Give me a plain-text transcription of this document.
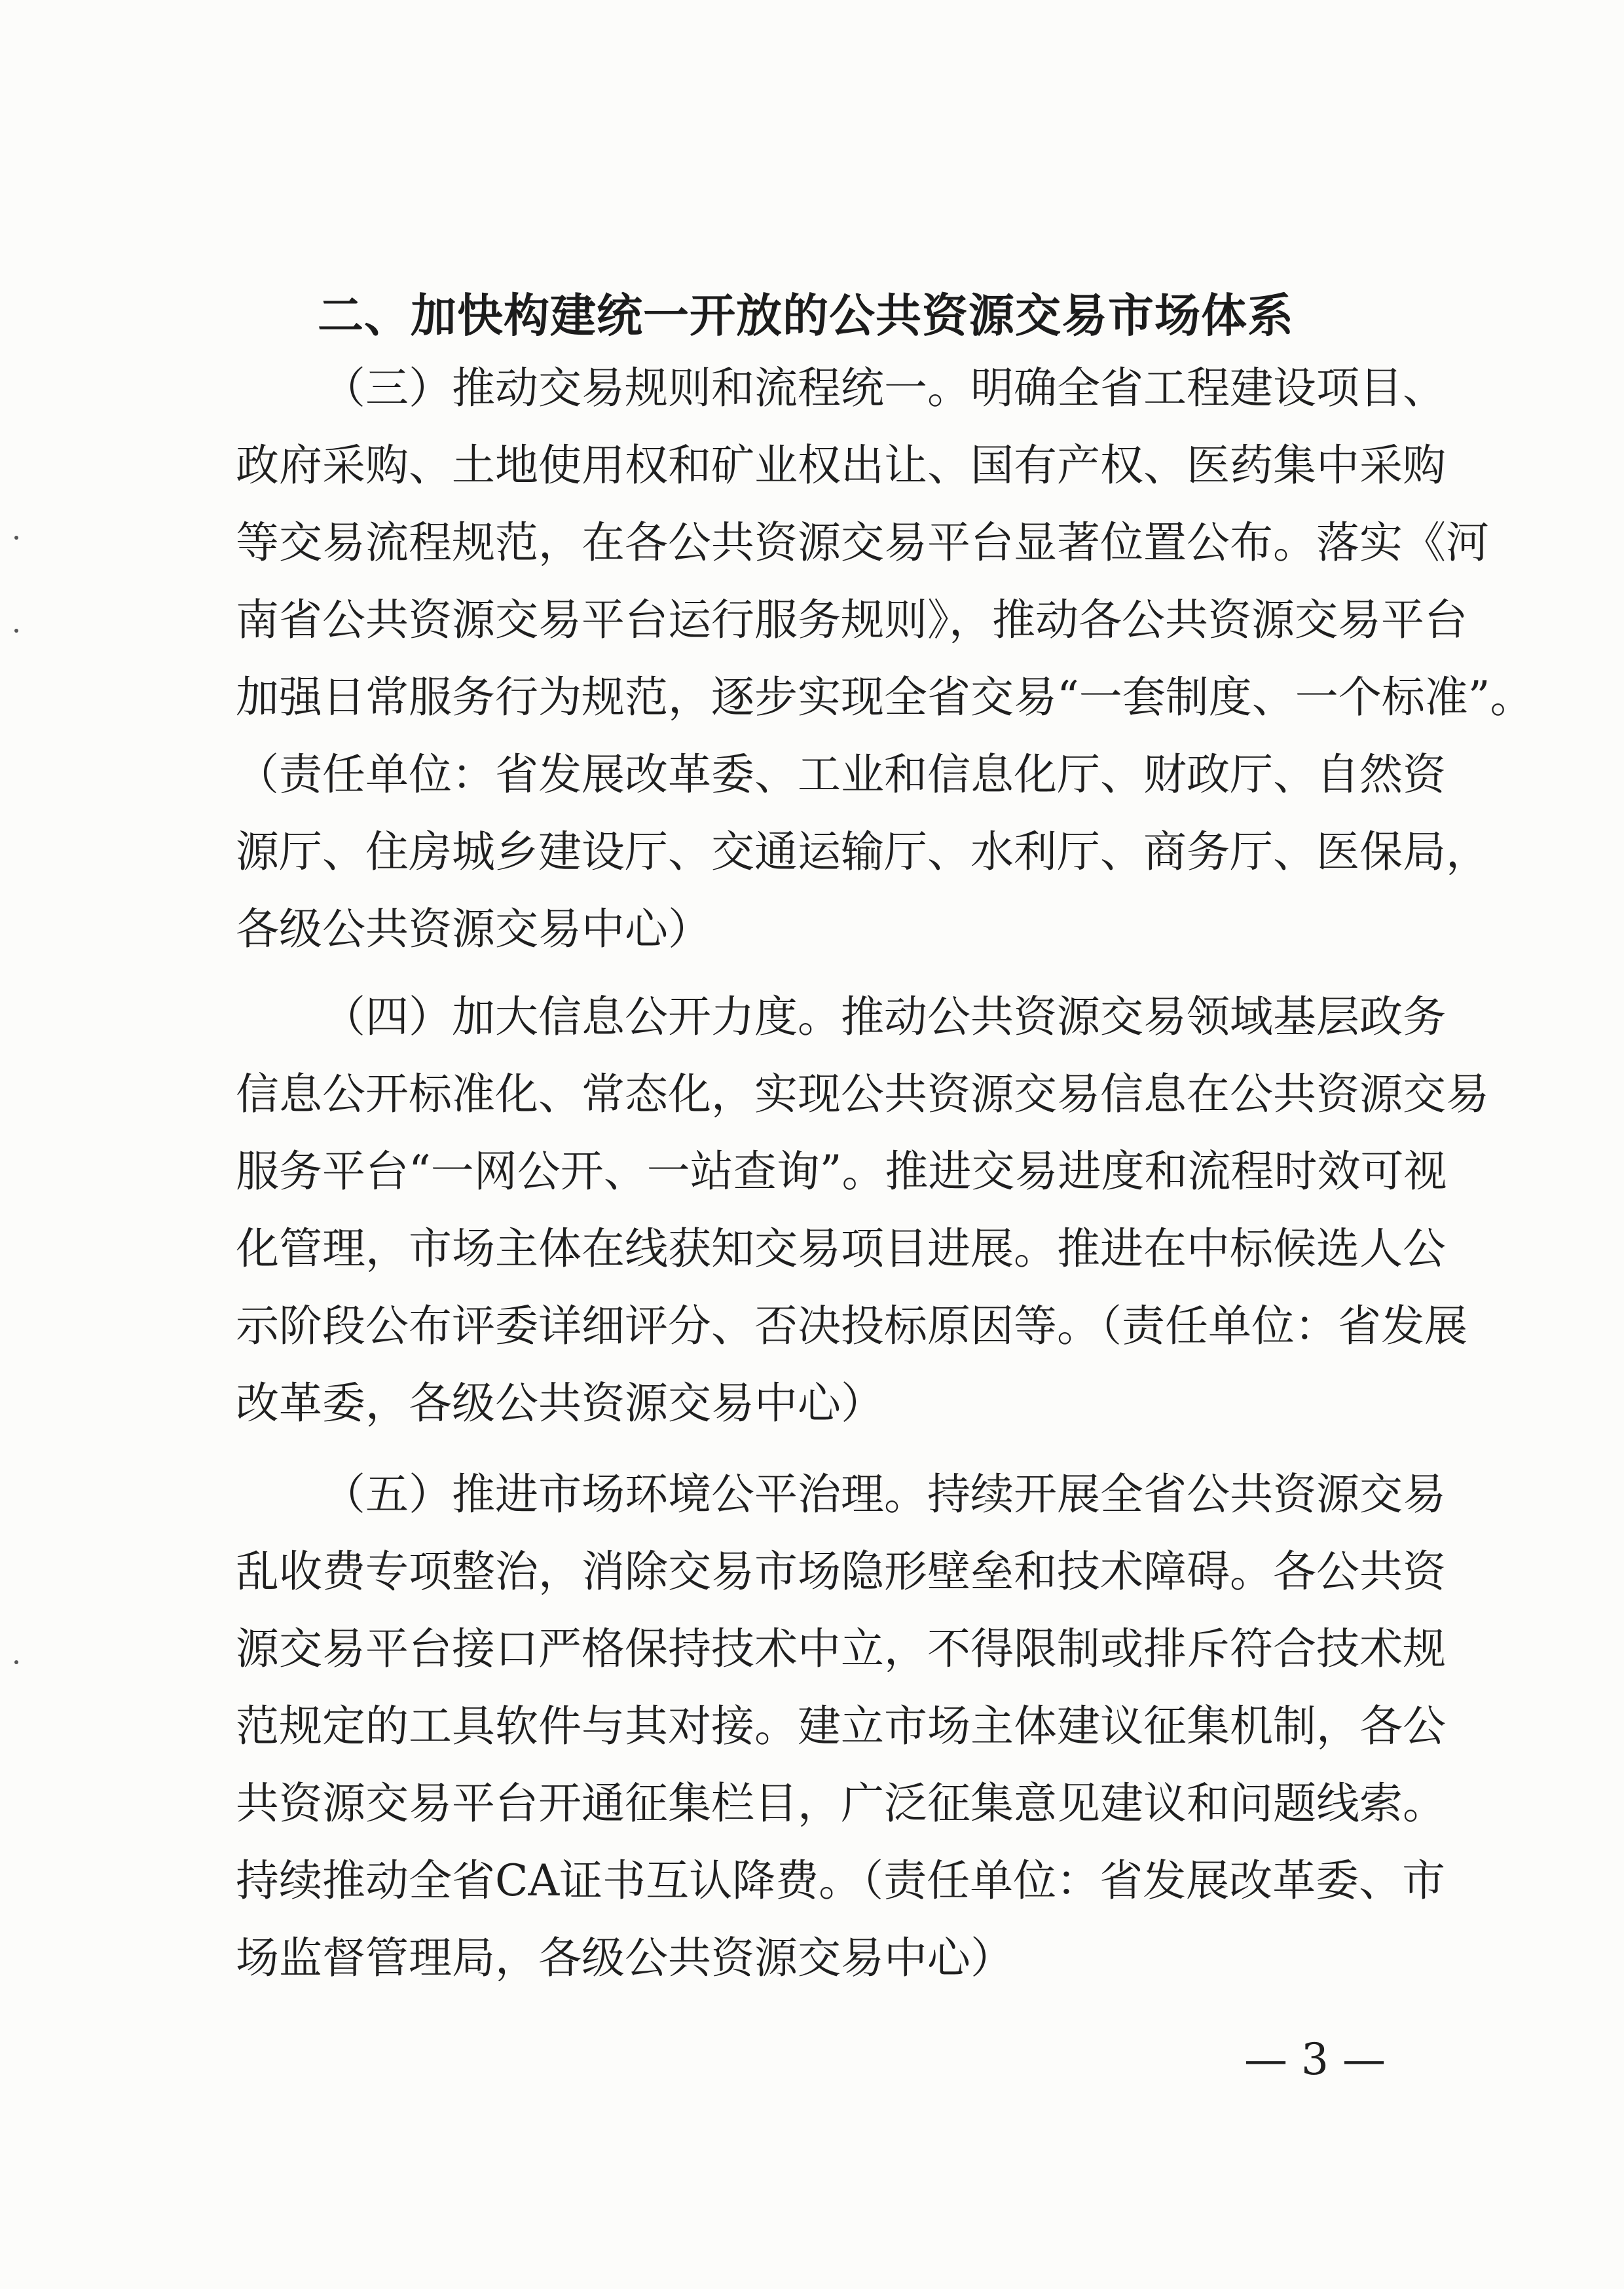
二、加快构建统一开放的公共资源交易市场体系
（三）推动交易规则和流程统一。明确全省工程建设项目、
政府采购、土地使用权和矿业权出让、国有产权、医药集中采购
等交易流程规范，在各公共资源交易平台显著位置公布。落实《河
南省公共资源交易平台运行服务规则》，推动各公共资源交易平台
加强日常服务行为规范，逐步实现全省交易“一套制度、一个标准”。
（责任单位：省发展改革委、工业和信息化厅、财政厅、自然资
源厅、住房城乡建设厅、交通运输厅、水利厅、商务厅、医保局，
各级公共资源交易中心）
（四）加大信息公开力度。推动公共资源交易领域基层政务
信息公开标准化、常态化，实现公共资源交易信息在公共资源交易
服务平台“一网公开、一站查询”。推进交易进度和流程时效可视
化管理，市场主体在线获知交易项目进展。推进在中标候选人公
示阶段公布评委详细评分、否决投标原因等。（责任单位：省发展
改革委，各级公共资源交易中心）
（五）推进市场环境公平治理。持续开展全省公共资源交易
乱收费专项整治，消除交易市场隐形壁垒和技术障碍。各公共资
源交易平台接口严格保持技术中立，不得限制或排斥符合技术规
范规定的工具软件与其对接。建立市场主体建议征集机制，各公
共资源交易平台开通征集栏目，广泛征集意见建议和问题线索。
持续推动全省CA证书互认降费。（责任单位：省发展改革委、市
场监督管理局，各级公共资源交易中心）
— 3 —
